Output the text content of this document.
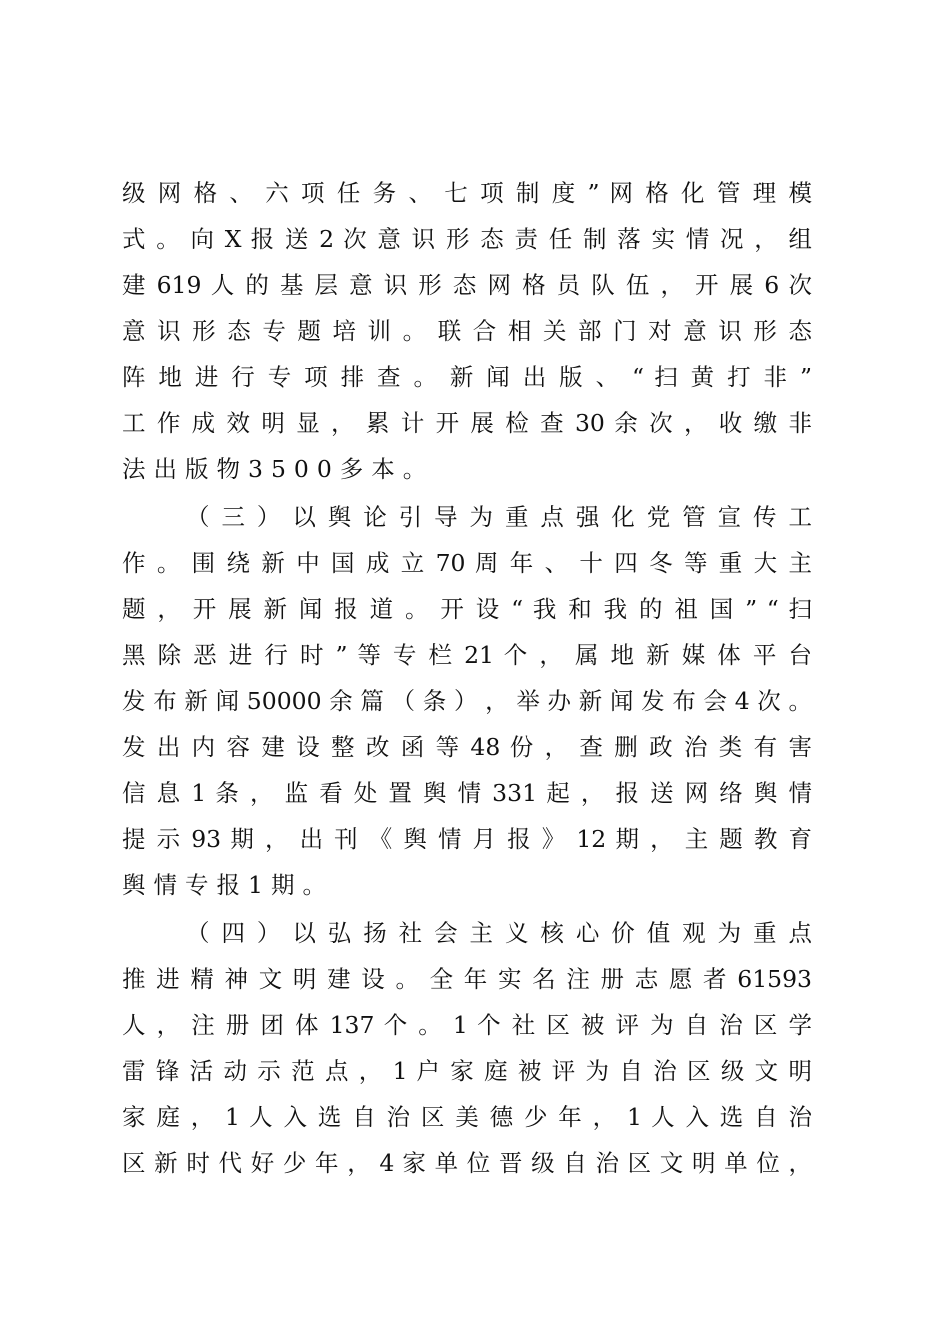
级 网 格 、 六 项 任 务 、 七 项 制 度 ” 网 格 化 管 理 模
式 。 向 X 报 送 2 次 意 识 形 态 责 任 制 落 实 情 况 ， 组
建 619 人 的 基 层 意 识 形 态 网 格 员 队 伍 ， 开 展 6 次
意 识 形 态 专 题 培 训 。 联 合 相 关 部 门 对 意 识 形 态
阵 地 进 行 专 项 排 查 。 新 闻 出 版 、 “ 扫 黄 打 非 ”
工 作 成 效 明 显 ， 累 计 开 展 检 查 30 余 次 ， 收 缴 非
法出版物3500多本。
（ 三 ） 以 舆 论 引 导 为 重 点 强 化 党 管 宣 传 工
作 。 围 绕 新 中 国 成 立 70 周 年 、 十 四 冬 等 重 大 主
题 ， 开 展 新 闻 报 道 。 开 设 “ 我 和 我 的 祖 国 ” “ 扫
黑 除 恶 进 行 时 ” 等 专 栏 21 个 ， 属 地 新 媒 体 平 台
发 布 新 闻 50000 余 篇 （ 条 ） ， 举 办 新 闻 发 布 会 4 次 。
发 出 内 容 建 设 整 改 函 等 48 份 ， 查 删 政 治 类 有 害
信 息 1 条 ， 监 看 处 置 舆 情 331 起 ， 报 送 网 络 舆 情
提 示 93 期 ， 出 刊 《 舆 情 月 报 》 12 期 ， 主 题 教 育
舆情专报1期。
（ 四 ） 以 弘 扬 社 会 主 义 核 心 价 值 观 为 重 点
推 进 精 神 文 明 建 设 。 全 年 实 名 注 册 志 愿 者 61593
人 ， 注 册 团 体 137 个 。 1 个 社 区 被 评 为 自 治 区 学
雷 锋 活 动 示 范 点 ， 1 户 家 庭 被 评 为 自 治 区 级 文 明
家 庭 ， 1 人 入 选 自 治 区 美 德 少 年 ， 1 人 入 选 自 治
区 新 时 代 好 少 年 ， 4 家 单 位 晋 级 自 治 区 文 明 单 位 ，
